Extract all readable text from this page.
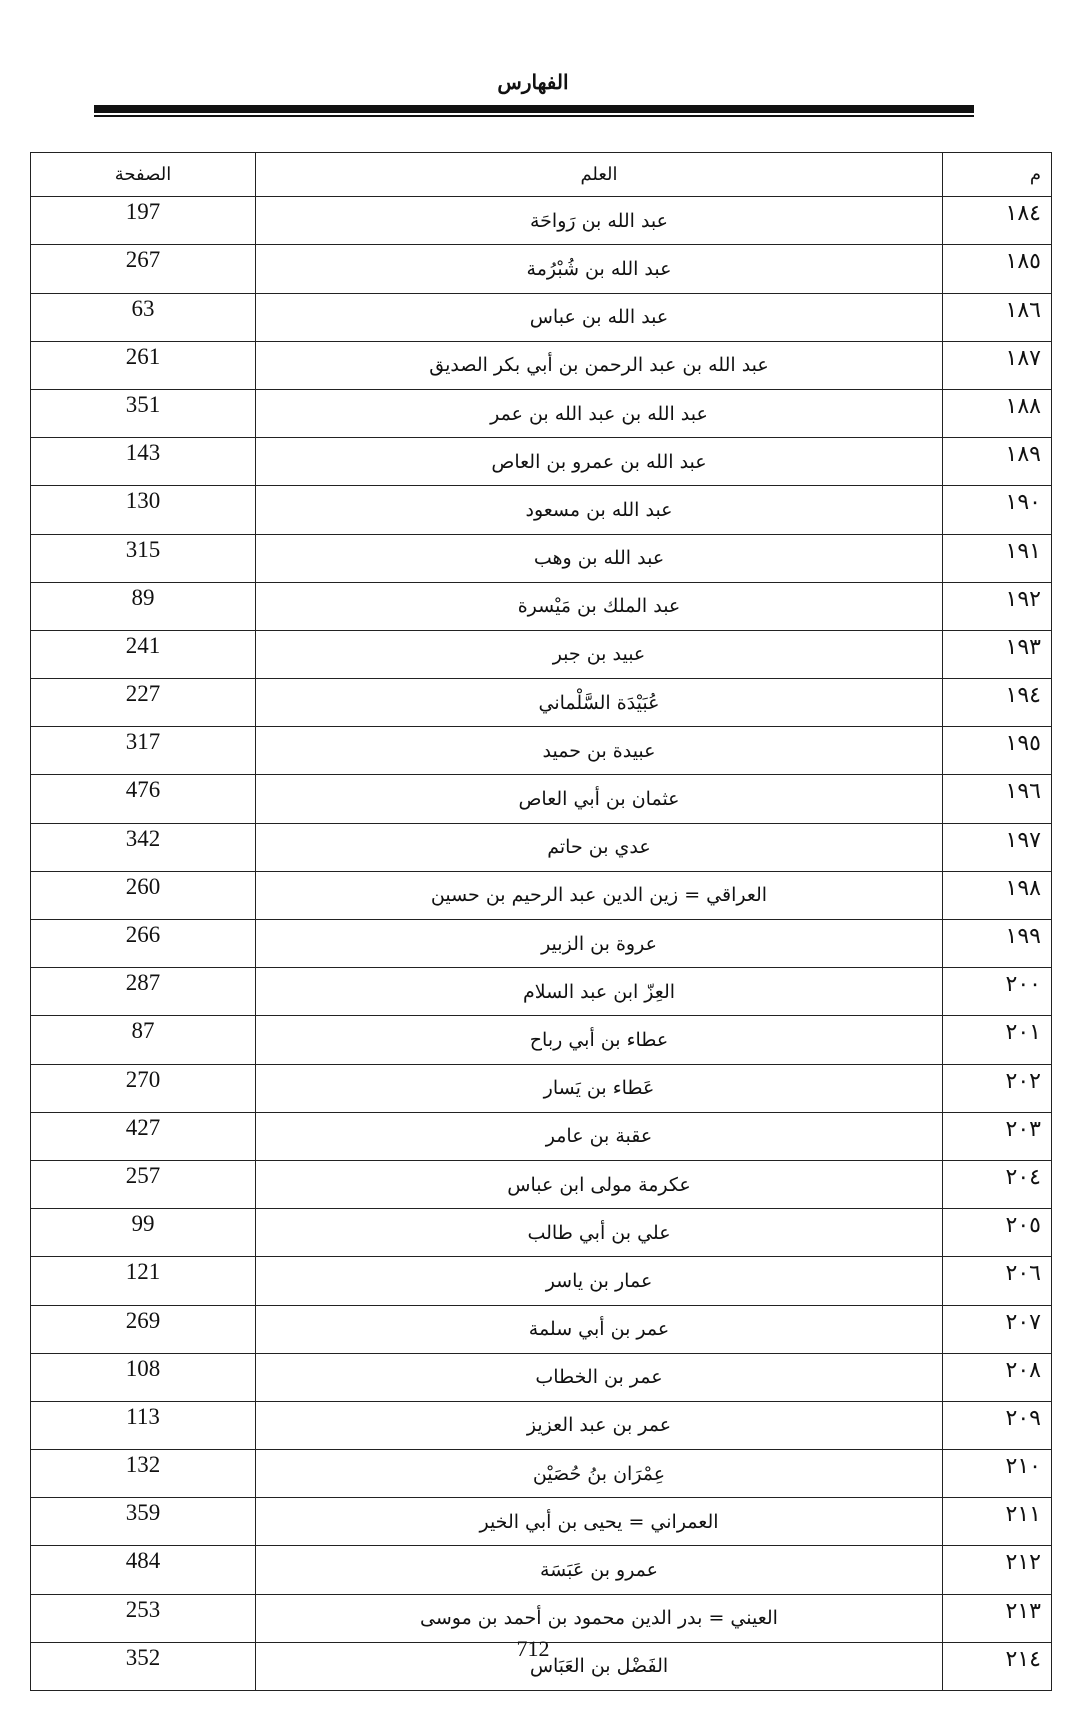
الفهارس
الصفحة	العلم	م
197	عبد الله بن رَواحَة	١٨٤
267	عبد الله بن شُبْرُمة	١٨٥
63	عبد الله بن عباس	١٨٦
261	عبد الله بن عبد الرحمن بن أبي بكر الصديق	١٨٧
351	عبد الله بن عبد الله بن عمر	١٨٨
143	عبد الله بن عمرو بن العاص	١٨٩
130	عبد الله بن مسعود	١٩٠
315	عبد الله بن وهب	١٩١
89	عبد الملك بن مَيْسرة	١٩٢
241	عبيد بن جبر	١٩٣
227	عُبَيْدَة السَّلْماني	١٩٤
317	عبيدة بن حميد	١٩٥
476	عثمان بن أبي العاص	١٩٦
342	عدي بن حاتم	١٩٧
260	العراقي = زين الدين عبد الرحيم بن حسين	١٩٨
266	عروة بن الزبير	١٩٩
287	العِزّ ابن عبد السلام	٢٠٠
87	عطاء بن أبي رباح	٢٠١
270	عَطاء بن يَسار	٢٠٢
427	عقبة بن عامر	٢٠٣
257	عكرمة مولى ابن عباس	٢٠٤
99	علي بن أبي طالب	٢٠٥
121	عمار بن ياسر	٢٠٦
269	عمر بن أبي سلمة	٢٠٧
108	عمر بن الخطاب	٢٠٨
113	عمر بن عبد العزيز	٢٠٩
132	عِمْرَان بنُ حُصَيْن	٢١٠
359	العمراني = يحيى بن أبي الخير	٢١١
484	عمرو بن عَبَسَة	٢١٢
253	العيني = بدر الدين محمود بن أحمد بن موسى	٢١٣
352	الفَضْل بن العَبَاس	٢١٤
712
